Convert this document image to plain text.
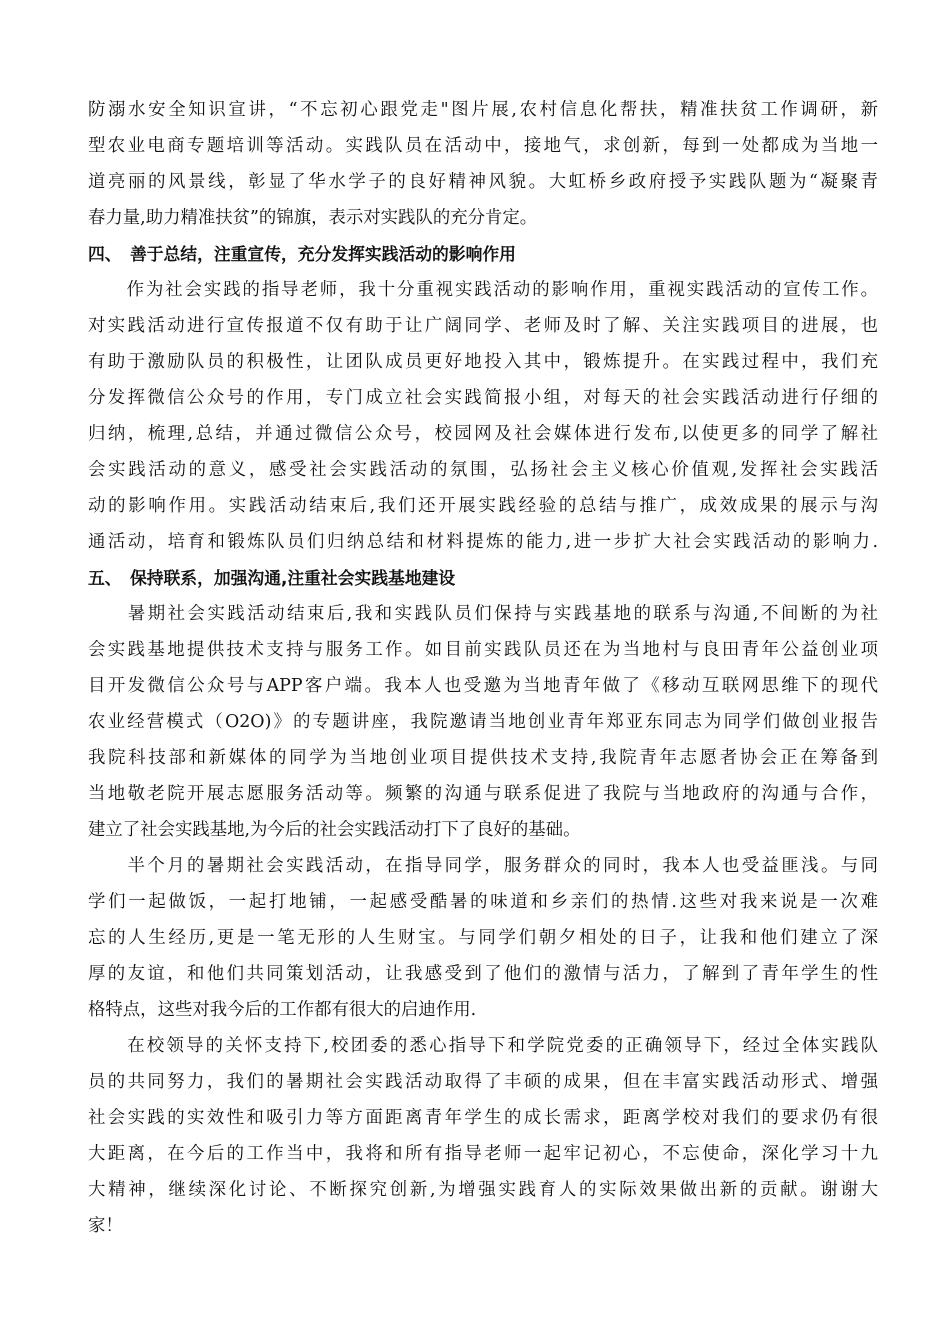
防溺水安全知识宣讲，“不忘初心跟党走"图片展,农村信息化帮扶，精准扶贫工作调研，新
型农业电商专题培训等活动。实践队员在活动中，接地气，求创新，每到一处都成为当地一
道亮丽的风景线，彰显了华水学子的良好精神风貌。大虹桥乡政府授予实践队题为“凝聚青
春力量,助力精准扶贫”的锦旗，表示对实践队的充分肯定。
四、　善于总结，注重宣传，充分发挥实践活动的影响作用
　　作为社会实践的指导老师，我十分重视实践活动的影响作用，重视实践活动的宣传工作。
对实践活动进行宣传报道不仅有助于让广阔同学、老师及时了解、关注实践项目的进展，也
有助于激励队员的积极性，让团队成员更好地投入其中，锻炼提升。在实践过程中，我们充
分发挥微信公众号的作用，专门成立社会实践简报小组，对每天的社会实践活动进行仔细的
归纳，梳理,总结，并通过微信公众号，校园网及社会媒体进行发布,以使更多的同学了解社
会实践活动的意义，感受社会实践活动的氛围，弘扬社会主义核心价值观,发挥社会实践活
动的影响作用。实践活动结束后,我们还开展实践经验的总结与推广，成效成果的展示与沟
通活动，培育和锻炼队员们归纳总结和材料提炼的能力,进一步扩大社会实践活动的影响力.
五、　保持联系，加强沟通,注重社会实践基地建设
　　暑期社会实践活动结束后,我和实践队员们保持与实践基地的联系与沟通,不间断的为社
会实践基地提供技术支持与服务工作。如目前实践队员还在为当地村与良田青年公益创业项
目开发微信公众号与APP客户端。我本人也受邀为当地青年做了《移动互联网思维下的现代
农业经营模式（O2O)》的专题讲座，我院邀请当地创业青年郑亚东同志为同学们做创业报告
我院科技部和新媒体的同学为当地创业项目提供技术支持,我院青年志愿者协会正在筹备到
当地敬老院开展志愿服务活动等。频繁的沟通与联系促进了我院与当地政府的沟通与合作，
建立了社会实践基地,为今后的社会实践活动打下了良好的基础。
　　半个月的暑期社会实践活动，在指导同学，服务群众的同时，我本人也受益匪浅。与同
学们一起做饭，一起打地铺，一起感受酷暑的味道和乡亲们的热情.这些对我来说是一次难
忘的人生经历,更是一笔无形的人生财宝。与同学们朝夕相处的日子，让我和他们建立了深
厚的友谊，和他们共同策划活动，让我感受到了他们的激情与活力，了解到了青年学生的性
格特点，这些对我今后的工作都有很大的启迪作用.
　　在校领导的关怀支持下,校团委的悉心指导下和学院党委的正确领导下，经过全体实践队
员的共同努力，我们的暑期社会实践活动取得了丰硕的成果，但在丰富实践活动形式、增强
社会实践的实效性和吸引力等方面距离青年学生的成长需求，距离学校对我们的要求仍有很
大距离，在今后的工作当中，我将和所有指导老师一起牢记初心，不忘使命，深化学习十九
大精神，继续深化讨论、不断探究创新,为增强实践育人的实际效果做出新的贡献。谢谢大
家！
